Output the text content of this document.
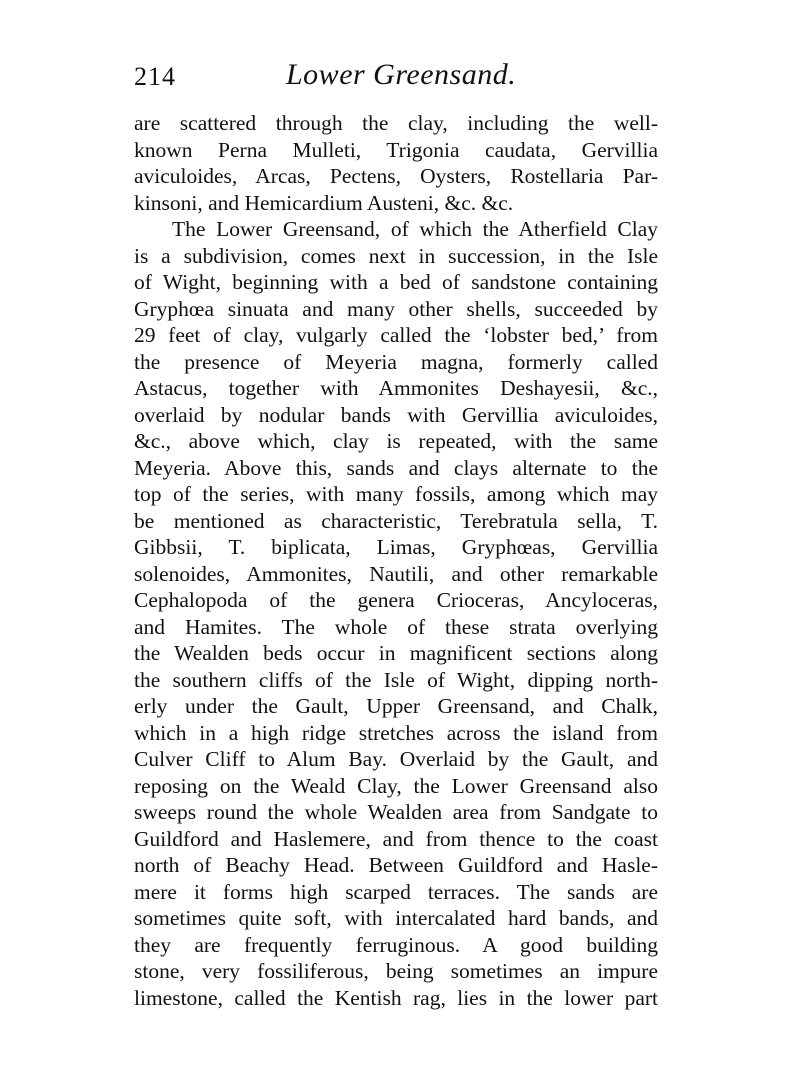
214	Lower Greensand.
are scattered through the clay, including the well-
known Perna Mulleti, Trigonia caudata, Gervillia
aviculoides, Arcas, Pectens, Oysters, Rostellaria Par-
kinsoni, and Hemicardium Austeni, &c. &c.
The Lower Greensand, of which the Atherfield Clay
is a subdivision, comes next in succession, in the Isle
of Wight, beginning with a bed of sandstone containing
Gryphœa sinuata and many other shells, succeeded by
29 feet of clay, vulgarly called the ‘lobster bed,’ from
the presence of Meyeria magna, formerly called
Astacus, together with Ammonites Deshayesii, &c.,
overlaid by nodular bands with Gervillia aviculoides,
&c., above which, clay is repeated, with the same
Meyeria. Above this, sands and clays alternate to the
top of the series, with many fossils, among which may
be mentioned as characteristic, Terebratula sella, T.
Gibbsii, T. biplicata, Limas, Gryphœas, Gervillia
solenoides, Ammonites, Nautili, and other remarkable
Cephalopoda of the genera Crioceras, Ancyloceras,
and Hamites. The whole of these strata overlying
the Wealden beds occur in magnificent sections along
the southern cliffs of the Isle of Wight, dipping north-
erly under the Gault, Upper Greensand, and Chalk,
which in a high ridge stretches across the island from
Culver Cliff to Alum Bay. Overlaid by the Gault, and
reposing on the Weald Clay, the Lower Greensand also
sweeps round the whole Wealden area from Sandgate to
Guildford and Haslemere, and from thence to the coast
north of Beachy Head. Between Guildford and Hasle-
mere it forms high scarped terraces. The sands are
sometimes quite soft, with intercalated hard bands, and
they are frequently ferruginous. A good building
stone, very fossiliferous, being sometimes an impure
limestone, called the Kentish rag, lies in the lower part
